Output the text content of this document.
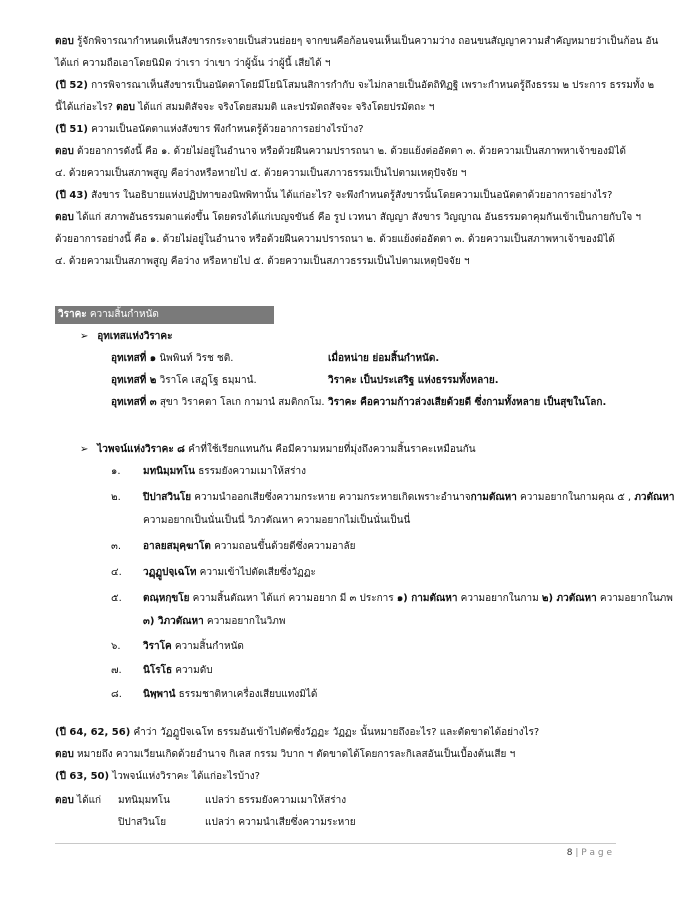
ตอบ รู้จักพิจารณากำหนดเห็นสังขารกระจายเป็นส่วนย่อยๆ จากขนคือก้อนจนเห็นเป็นความว่าง ถอนขนสัญญาความสำคัญหมายว่าเป็นก้อน อัน
ได้แก่ ความถือเอาโดยนิมิต ว่าเรา ว่าเขา ว่าผู้นั้น ว่าผู้นี้ เสียได้ ฯ
(ปี 52) การพิจารณาเห็นสังขารเป็นอนัตตาโดยมีโยนิโสมนสิการกำกับ จะไม่กลายเป็นอัตถิทิฏฐิ เพราะกำหนดรู้ถึงธรรม ๒ ประการ ธรรมทั้ง ๒
นี้ได้แก่อะไร? ตอบ ได้แก่ สมมติสัจจะ จริงโดยสมมติ และปรมัตถสัจจะ จริงโดยปรมัตถะ ฯ
(ปี 51) ความเป็นอนัตตาแห่งสังขาร พึงกำหนดรู้ด้วยอาการอย่างไรบ้าง?
ตอบ ด้วยอาการดังนี้ คือ ๑. ด้วยไม่อยู่ในอำนาจ หรือด้วยฝืนความปรารถนา ๒. ด้วยแย้งต่ออัตตา ๓. ด้วยความเป็นสภาพหาเจ้าของมิได้
๔. ด้วยความเป็นสภาพสูญ คือว่างหรือหายไป ๕. ด้วยความเป็นสภาวธรรมเป็นไปตามเหตุปัจจัย ฯ
(ปี 43) สังขาร ในอธิบายแห่งปฏิปทาของนิพพิทานั้น ได้แก่อะไร? จะพึงกำหนดรู้สังขารนั้นโดยความเป็นอนัตตาด้วยอาการอย่างไร?
ตอบ ได้แก่ สภาพอันธรรมดาแต่งขึ้น โดยตรงได้แก่เบญจขันธ์ คือ รูป เวทนา สัญญา สังขาร วิญญาณ อันธรรมดาคุมกันเข้าเป็นกายกับใจ ฯ
ด้วยอาการอย่างนี้ คือ ๑. ด้วยไม่อยู่ในอำนาจ หรือด้วยฝืนความปรารถนา ๒. ด้วยแย้งต่ออัตตา ๓. ด้วยความเป็นสภาพหาเจ้าของมิได้
๔. ด้วยความเป็นสภาพสูญ คือว่าง หรือหายไป ๕. ด้วยความเป็นสภาวธรรมเป็นไปตามเหตุปัจจัย ฯ
วิราคะ ความสิ้นกำหนัด
➢ อุทเทสแห่งวิราคะ
อุทเทสที่ ๑ นิพพินท์ วิรช ชติ.	เมื่อหน่าย ย่อมสิ้นกำหนัด.
อุทเทสที่ ๒ วิราโค เสฏฺโฐ ธมฺมานํ.	วิราคะ เป็นประเสริฐ แห่งธรรมทั้งหลาย.
อุทเทสที่ ๓ สุขา วิราคตา โลเก กามานํ สมติกกโม. วิราคะ คือความก้าวล่วงเสียด้วยดี ซึ่งกามทั้งหลาย เป็นสุขในโลก.
➢ ไวพจน์แห่งวิราคะ ๘ คำที่ใช้เรียกแทนกัน คือมีความหมายที่มุ่งถึงความสิ้นราคะเหมือนกัน
๑.	มทนิมฺมทโน ธรรมยังความเมาให้สร่าง
๒.	ปิปาสวินโย ความนำออกเสียซึ่งความกระหาย ความกระหายเกิดเพราะอำนาจกามตัณหา ความอยากในกามคุณ ๕ , ภวตัณหา
ความอยากเป็นนั่นเป็นนี่ วิภวตัณหา ความอยากไม่เป็นนั่นเป็นนี่
๓.	อาลยสมุคฺฆาโต ความถอนขึ้นด้วยดีซึ่งความอาลัย
๔.	วฏฺฏูปจฺเฉโท ความเข้าไปตัดเสียซึ่งวัฏฏะ
๕.	ตณฺหกฺขโย ความสิ้นตัณหา ได้แก่ ความอยาก มี ๓ ประการ ๑) กามตัณหา ความอยากในกาม ๒) ภวตัณหา ความอยากในภพ
๓) วิภวตัณหา ความอยากในวิภพ
๖.	วิราโค ความสิ้นกำหนัด
๗.	นิโรโธ ความดับ
๘.	นิพฺพานํ ธรรมชาติหาเครื่องเสียบแทงมิได้
(ปี 64, 62, 56) คำว่า วัฏฏูปัจเฉโท ธรรมอันเข้าไปตัดซึ่งวัฏฏะ วัฏฏะ นั้นหมายถึงอะไร? และตัดขาดได้อย่างไร?
ตอบ หมายถึง ความเวียนเกิดด้วยอำนาจ กิเลส กรรม วิบาก ฯ ตัดขาดได้โดยการละกิเลสอันเป็นเบื้องต้นเสีย ฯ
(ปี 63, 50) ไวพจน์แห่งวิราคะ ได้แก่อะไรบ้าง?
ตอบ ได้แก่	มทนิมฺมทโน	แปลว่า ธรรมยังความเมาให้สร่าง
ปิปาสวินโย	แปลว่า ความนำเสียซึ่งความระหาย
8 | P a g e
